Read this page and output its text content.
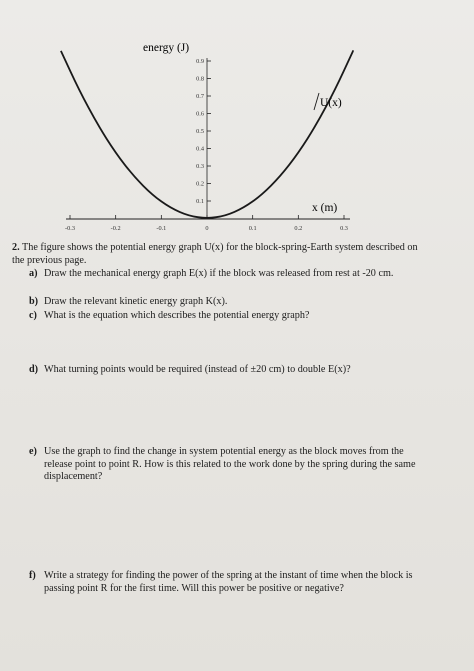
0.1
0.2
0.3
0.4
0.5
0.6
0.7
0.8
0.9
-0.3	-0.2	-0.1	0	0.1	0.2	0.3
energy (J)
U(x)
x (m)
2. The figure shows the potential energy graph U(x) for the block-spring-Earth system described on the previous page.
a) Draw the mechanical energy graph E(x) if the block was released from rest at -20 cm.
b) Draw the relevant kinetic energy graph K(x).
c) What is the equation which describes the potential energy graph?
d) What turning points would be required (instead of ±20 cm) to double E(x)?
e) Use the graph to find the change in system potential energy as the block moves from the release point to point R. How is this related to the work done by the spring during the same displacement?
f) Write a strategy for finding the power of the spring at the instant of time when the block is passing point R for the first time. Will this power be positive or negative?
